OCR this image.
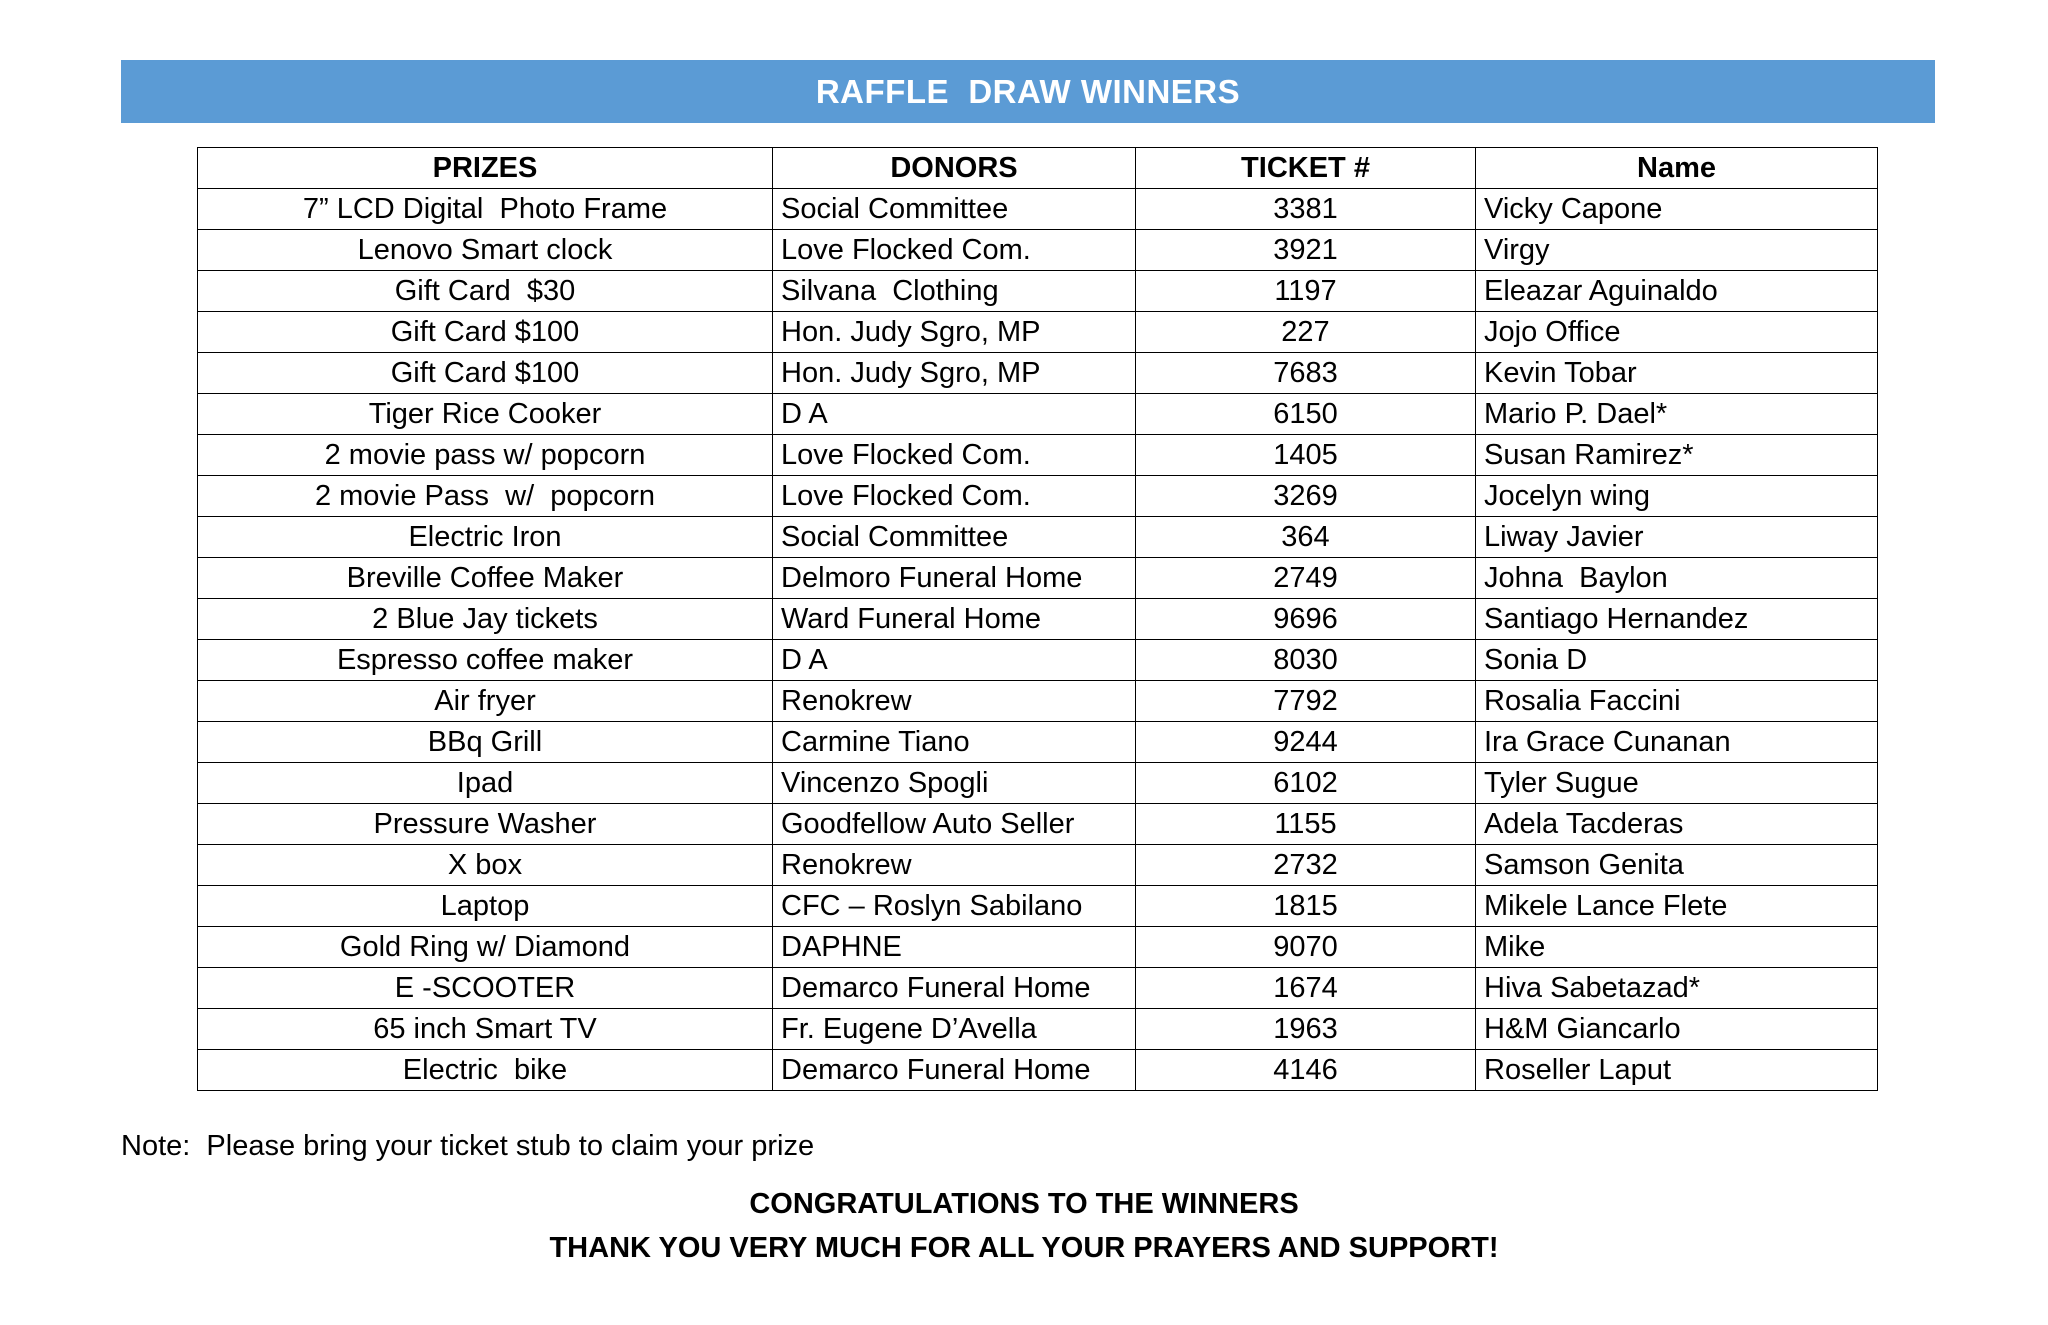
RAFFLE  DRAW WINNERS
PRIZES	DONORS	TICKET #	Name
7” LCD Digital  Photo Frame	Social Committee	3381	Vicky Capone
Lenovo Smart clock	Love Flocked Com.	3921	Virgy
Gift Card  $30	Silvana  Clothing	1197	Eleazar Aguinaldo
Gift Card $100	Hon. Judy Sgro, MP	227	Jojo Office
Gift Card $100	Hon. Judy Sgro, MP	7683	Kevin Tobar
Tiger Rice Cooker	D A	6150	Mario P. Dael*
2 movie pass w/ popcorn	Love Flocked Com.	1405	Susan Ramirez*
2 movie Pass  w/  popcorn	Love Flocked Com.	3269	Jocelyn wing
Electric Iron	Social Committee	364	Liway Javier
Breville Coffee Maker	Delmoro Funeral Home	2749	Johna  Baylon
2 Blue Jay tickets	Ward Funeral Home	9696	Santiago Hernandez
Espresso coffee maker	D A	8030	Sonia D
Air fryer	Renokrew	7792	Rosalia Faccini
BBq Grill	Carmine Tiano	9244	Ira Grace Cunanan
Ipad	Vincenzo Spogli	6102	Tyler Sugue
Pressure Washer	Goodfellow Auto Seller	1155	Adela Tacderas
X box	Renokrew	2732	Samson Genita
Laptop	CFC – Roslyn Sabilano	1815	Mikele Lance Flete
Gold Ring w/ Diamond	DAPHNE	9070	Mike
E -SCOOTER	Demarco Funeral Home	1674	Hiva Sabetazad*
65 inch Smart TV	Fr. Eugene D’Avella	1963	H&M Giancarlo
Electric  bike	Demarco Funeral Home	4146	Roseller Laput
Note:  Please bring your ticket stub to claim your prize
CONGRATULATIONS TO THE WINNERS
THANK YOU VERY MUCH FOR ALL YOUR PRAYERS AND SUPPORT!
